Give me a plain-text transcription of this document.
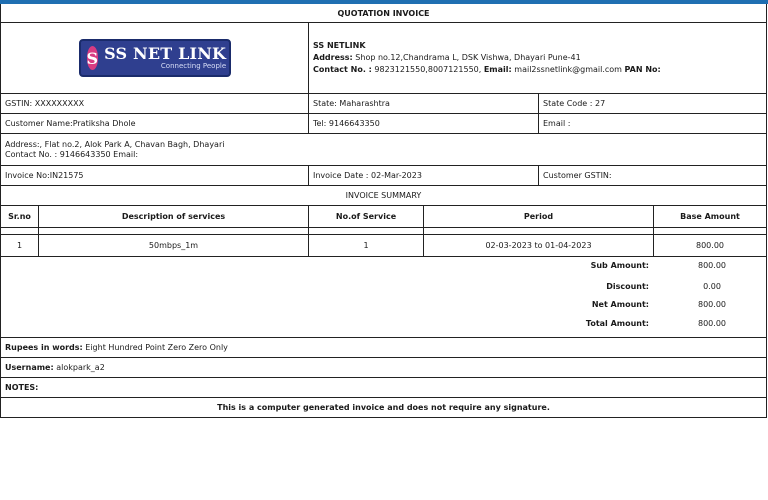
QUOTATION INVOICE
S SS NET LINK
Connecting People
SS NETLINK
Address: Shop no.12,Chandrama L, DSK Vishwa, Dhayari Pune-41
Contact No. : 9823121550,8007121550, Email: mail2ssnetlink@gmail.com PAN No:
GSTIN: XXXXXXXXX	State: Maharashtra	State Code : 27
Customer Name:Pratiksha Dhole	Tel: 9146643350	Email :
Address:, Flat no.2, Alok Park A, Chavan Bagh, Dhayari
Contact No. : 9146643350 Email:
Invoice No:IN21575	Invoice Date : 02-Mar-2023	Customer GSTIN:
INVOICE SUMMARY
Sr.no	Description of services	No.of Service	Period	Base Amount
1	50mbps_1m	1	02-03-2023 to 01-04-2023	800.00
Sub Amount:	800.00
Discount:	0.00
Net Amount:	800.00
Total Amount:	800.00
Rupees in words:
Eight Hundred Point Zero Zero Only
Username:
alokpark_a2
NOTES:
This is a computer generated invoice and does not require any signature.
